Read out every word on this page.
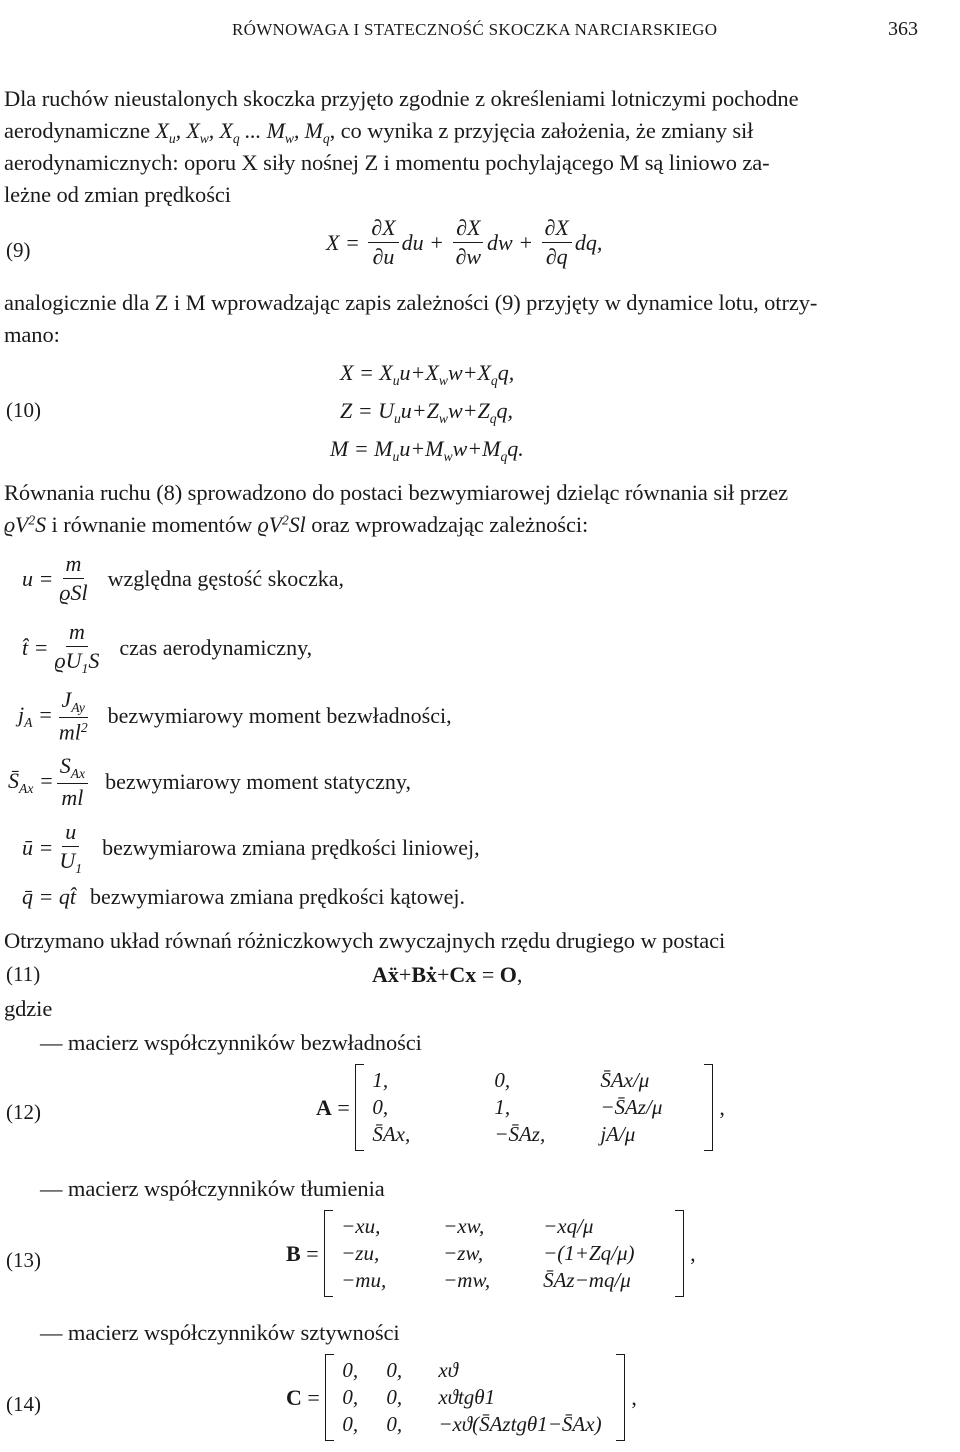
RÓWNOWAGA I STATECZNOŚĆ SKOCZKA NARCIARSKIEGO	363
Dla ruchów nieustalonych skoczka przyjęto zgodnie z określeniami lotniczymi pochodne
aerodynamiczne $X_u$, $X_w$, $X_q$ ... $M_w$, $M_q$, co wynika z przyjęcia założenia, że zmiany sił
aerodynamicznych: oporu X siły nośnej Z i momentu pochylającego M są liniowo za-
leżne od zmian prędkości
(9)	$X = \frac{\partial X}{\partial u}$ du + $\frac{\partial X}{\partial w}$ dw + $\frac{\partial X}{\partial q}$ dq,
analogicznie dla Z i M wprowadzając zapis zależności (9) przyjęty w dynamice lotu, otrzy-
mano:
(10)
$X = X_uu+X_ww+X_qq$,
$Z = U_uu+Z_ww+Z_qq$,
$M = M_uu+M_ww+M_qq$.
Równania ruchu (8) sprowadzono do postaci bezwymiarowej dzieląc równania sił przez
$ϱV^2S$ i równanie momentów $ϱV^2Sl$ oraz wprowadzając zależności:
$u = \frac{m}{\text{ϱSl}}$ względna gęstość skoczka,
t̂ = $\frac{m}{ϱU_1S}$ czas aerodynamiczny,
$j_A = \frac{J_{Ay}}{ml^2}$ bezwymiarowy moment bezwładności,
$S̄_{Ax} = \frac{S_{Ax}}{ml}$ bezwymiarowy moment statyczny,
ū = $\frac{u}{U_1}$ bezwymiarowa zmiana prędkości liniowej,
q̄ = qt̂ bezwymiarowa zmiana prędkości kątowej.
Otrzymano układ równań różniczkowych zwyczajnych rzędu drugiego w postaci
(11)	Aẍ+Bẋ+Cx = O,
gdzie
— macierz współczynników bezwładności
(12)	A =
1,	0,	S̄Ax/μ
0,	1,	−S̄Az/μ
S̄Ax,	−S̄Az,	jA/μ
,
— macierz współczynników tłumienia
(13)	B =
−xu,	−xw,	−xq/μ
−zu,	−zw,	−(1+Zq/μ)
−mu,	−mw,	S̄Az−mq/μ
,
— macierz współczynników sztywności
(14)	C =
0,	0,	xϑ
0,	0,	xϑtgθ1
0,	0,	−xϑ(S̄Aztgθ1−S̄Ax)
,
